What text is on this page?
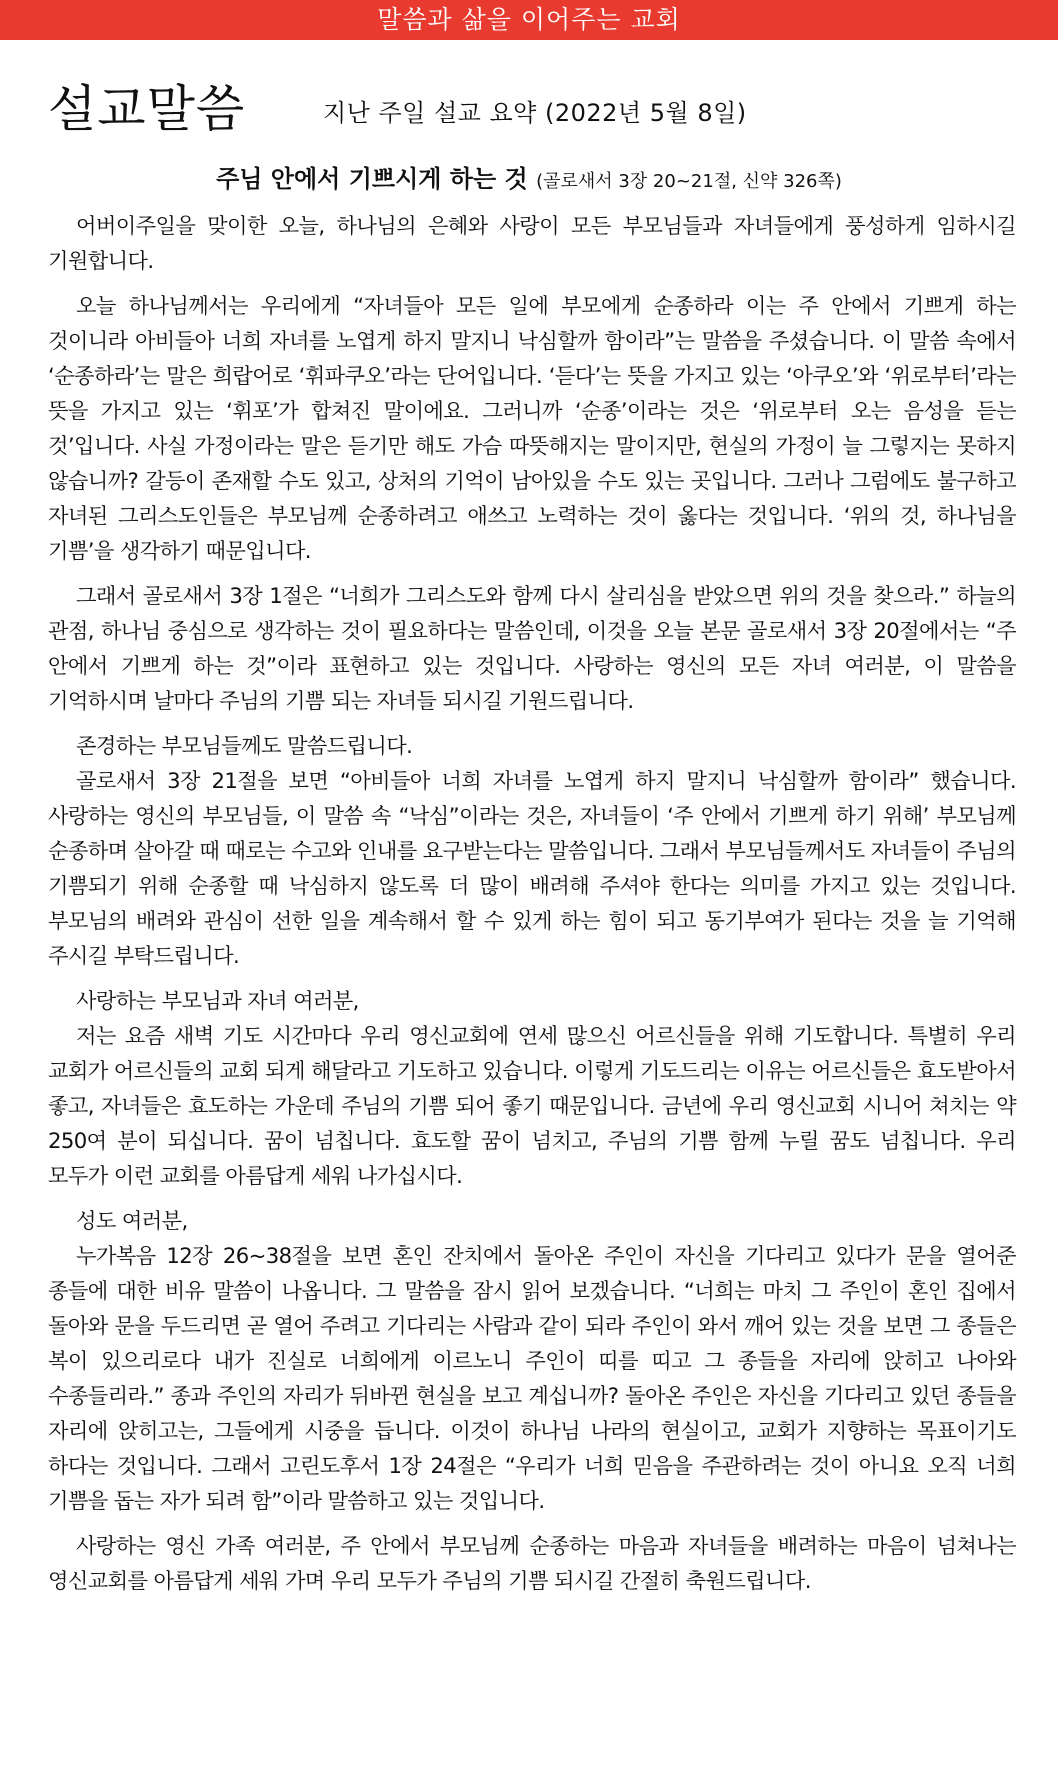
말씀과 삶을 이어주는 교회
설교말씀	지난 주일 설교 요약 (2022년 5월 8일)
주님 안에서 기쁘시게 하는 것 (골로새서 3장 20~21절, 신약 326쪽)

어버이주일을 맞이한 오늘, 하나님의 은혜와 사랑이 모든 부모님들과 자녀들에게 풍성하게 임하시길 기원합니다.

오늘 하나님께서는 우리에게 “자녀들아 모든 일에 부모에게 순종하라 이는 주 안에서 기쁘게 하는 것이니라 아비들아 너희 자녀를 노엽게 하지 말지니 낙심할까 함이라”는 말씀을 주셨습니다. 이 말씀 속에서 ‘순종하라’는 말은 희랍어로 ‘휘파쿠오’라는 단어입니다. ‘듣다’는 뜻을 가지고 있는 ‘아쿠오’와 ‘위로부터’라는 뜻을 가지고 있는 ‘휘포’가 합쳐진 말이에요. 그러니까 ‘순종’이라는 것은 ‘위로부터 오는 음성을 듣는 것’입니다. 사실 가정이라는 말은 듣기만 해도 가슴 따뜻해지는 말이지만, 현실의 가정이 늘 그렇지는 못하지 않습니까? 갈등이 존재할 수도 있고, 상처의 기억이 남아있을 수도 있는 곳입니다. 그러나 그럼에도 불구하고 자녀된 그리스도인들은 부모님께 순종하려고 애쓰고 노력하는 것이 옳다는 것입니다. ‘위의 것, 하나님을 기쁨’을 생각하기 때문입니다.

그래서 골로새서 3장 1절은 “너희가 그리스도와 함께 다시 살리심을 받았으면 위의 것을 찾으라.” 하늘의 관점, 하나님 중심으로 생각하는 것이 필요하다는 말씀인데, 이것을 오늘 본문 골로새서 3장 20절에서는 “주 안에서 기쁘게 하는 것”이라 표현하고 있는 것입니다. 사랑하는 영신의 모든 자녀 여러분, 이 말씀을 기억하시며 날마다 주님의 기쁨 되는 자녀들 되시길 기원드립니다.

존경하는 부모님들께도 말씀드립니다.

골로새서 3장 21절을 보면 “아비들아 너희 자녀를 노엽게 하지 말지니 낙심할까 함이라” 했습니다. 사랑하는 영신의 부모님들, 이 말씀 속 “낙심”이라는 것은, 자녀들이 ‘주 안에서 기쁘게 하기 위해’ 부모님께 순종하며 살아갈 때 때로는 수고와 인내를 요구받는다는 말씀입니다. 그래서 부모님들께서도 자녀들이 주님의 기쁨되기 위해 순종할 때 낙심하지 않도록 더 많이 배려해 주셔야 한다는 의미를 가지고 있는 것입니다. 부모님의 배려와 관심이 선한 일을 계속해서 할 수 있게 하는 힘이 되고 동기부여가 된다는 것을 늘 기억해 주시길 부탁드립니다.

사랑하는 부모님과 자녀 여러분,

저는 요즘 새벽 기도 시간마다 우리 영신교회에 연세 많으신 어르신들을 위해 기도합니다. 특별히 우리 교회가 어르신들의 교회 되게 해달라고 기도하고 있습니다. 이렇게 기도드리는 이유는 어르신들은 효도받아서 좋고, 자녀들은 효도하는 가운데 주님의 기쁨 되어 좋기 때문입니다. 금년에 우리 영신교회 시니어 쳐치는 약 250여 분이 되십니다. 꿈이 넘칩니다. 효도할 꿈이 넘치고, 주님의 기쁨 함께 누릴 꿈도 넘칩니다. 우리 모두가 이런 교회를 아름답게 세워 나가십시다.

성도 여러분,

누가복음 12장 26~38절을 보면 혼인 잔치에서 돌아온 주인이 자신을 기다리고 있다가 문을 열어준 종들에 대한 비유 말씀이 나옵니다. 그 말씀을 잠시 읽어 보겠습니다. “너희는 마치 그 주인이 혼인 집에서 돌아와 문을 두드리면 곧 열어 주려고 기다리는 사람과 같이 되라 주인이 와서 깨어 있는 것을 보면 그 종들은 복이 있으리로다 내가 진실로 너희에게 이르노니 주인이 띠를 띠고 그 종들을 자리에 앉히고 나아와 수종들리라.” 종과 주인의 자리가 뒤바뀐 현실을 보고 계십니까? 돌아온 주인은 자신을 기다리고 있던 종들을 자리에 앉히고는, 그들에게 시중을 듭니다. 이것이 하나님 나라의 현실이고, 교회가 지향하는 목표이기도 하다는 것입니다. 그래서 고린도후서 1장 24절은 “우리가 너희 믿음을 주관하려는 것이 아니요 오직 너희 기쁨을 돕는 자가 되려 함”이라 말씀하고 있는 것입니다.

사랑하는 영신 가족 여러분, 주 안에서 부모님께 순종하는 마음과 자녀들을 배려하는 마음이 넘쳐나는 영신교회를 아름답게 세워 가며 우리 모두가 주님의 기쁨 되시길 간절히 축원드립니다.
